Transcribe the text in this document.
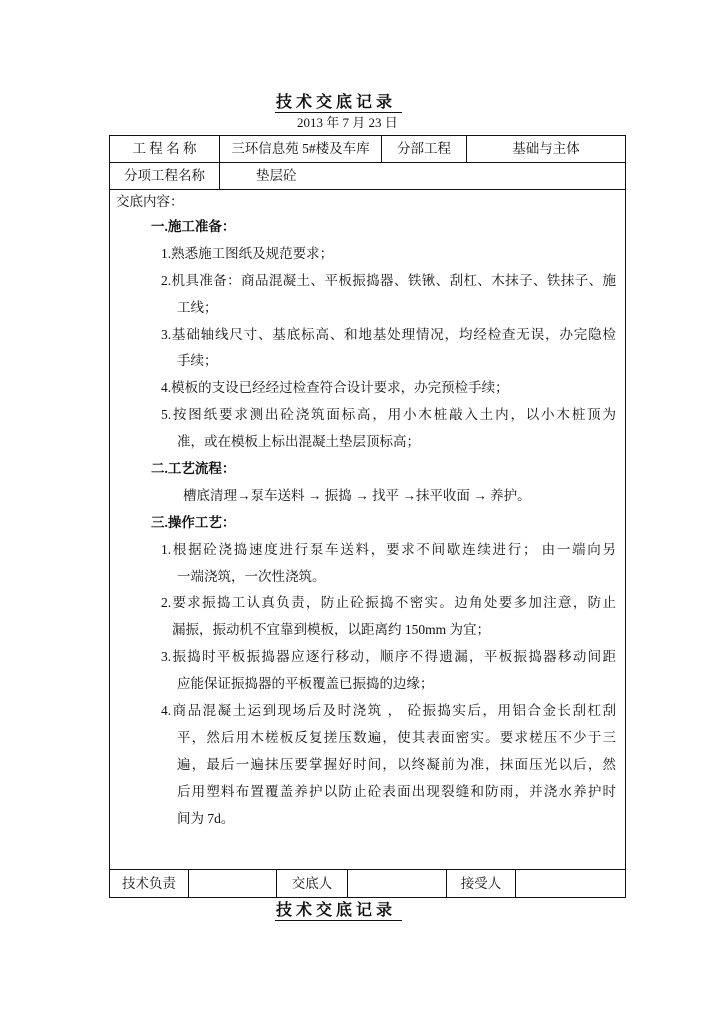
技 术 交 底 记 录
2013 年 7 月 23 日
工 程 名 称	三环信息苑 5#楼及车库	分部工程	基础与主体
分项工程名称	垫层砼
交底内容：
一.施工准备：
1.熟悉施工图纸及规范要求；
2.机具准备：商品混凝土、平板振捣器、铁锹、刮杠、木抹子、铁抹子、施
工线；
3.基础轴线尺寸、基底标高、和地基处理情况，均经检查无误，办完隐检
手续；
4.模板的支设已经经过检查符合设计要求，办完预检手续；
5.按图纸要求测出砼浇筑面标高，用小木桩敲入土内，以小木桩顶为
准，或在模板上标出混凝土垫层顶标高；
二.工艺流程：
槽底清理→泵车送料 → 振捣 → 找平 →抹平收面 → 养护。
三.操作工艺：
1.根据砼浇捣速度进行泵车送料，要求不间歇连续进行； 由一端向另
一端浇筑，一次性浇筑。
2.要求振捣工认真负责，防止砼振捣不密实。边角处要多加注意，防止
漏振，振动机不宜靠到模板，以距离约 150mm 为宜；
3.振捣时平板振捣器应逐行移动，顺序不得遗漏，平板振捣器移动间距
应能保证振捣器的平板覆盖已振捣的边缘；
4.商品混凝土运到现场后及时浇筑 ， 砼振捣实后，用铝合金长刮杠刮
平，然后用木槎板反复搓压数遍，使其表面密实。要求槎压不少于三
遍，最后一遍抹压要掌握好时间，以终凝前为准，抹面压光以后，然
后用塑料布置覆盖养护以防止砼表面出现裂缝和防雨，并浇水养护时
间为 7d。
技术负责	交底人	接受人
技 术 交 底 记 录
